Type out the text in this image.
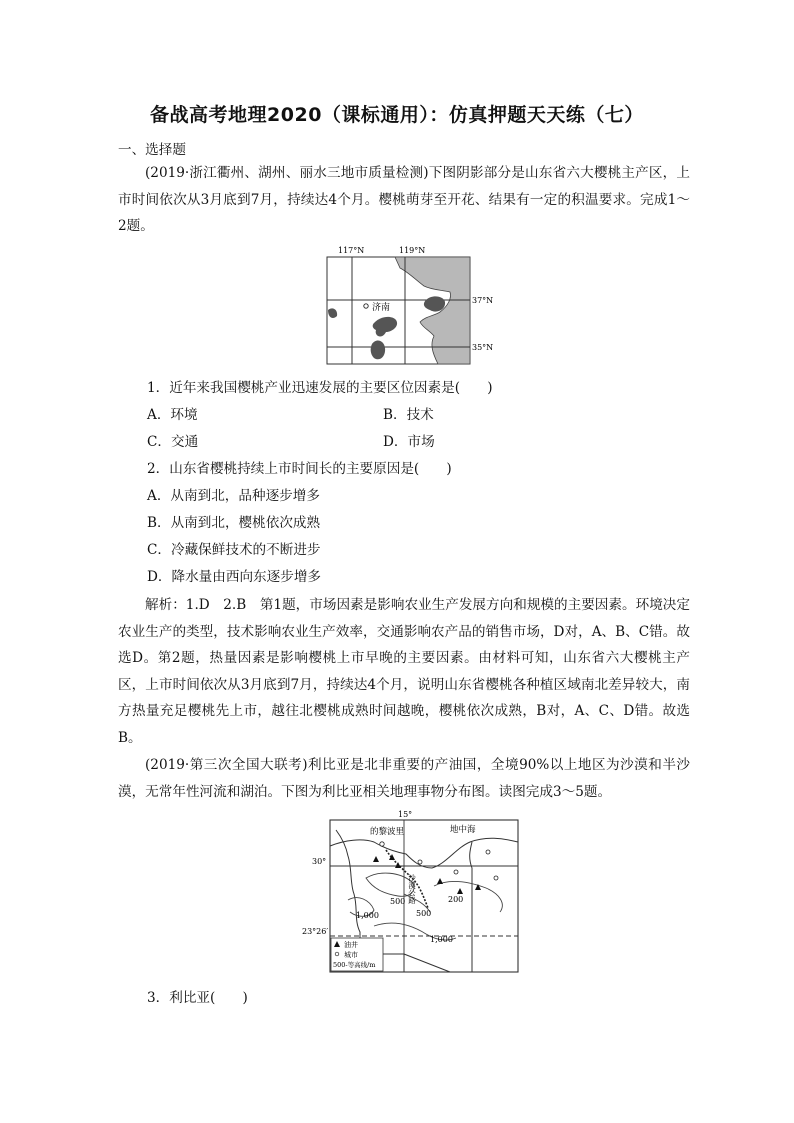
备战高考地理2020（课标通用）：仿真押题天天练（七）
一、选择题
(2019·浙江衢州、湖州、丽水三地市质量检测)下图阴影部分是山东省六大樱桃主产区，上市时间依次从3月底到7月，持续达4个月。樱桃萌芽至开花、结果有一定的积温要求。完成1～2题。
济南
117°N	119°N
37°N
35°N
1．近年来我国樱桃产业迅速发展的主要区位因素是(　　)
A．环境	B．技术
C．交通	D．市场
2．山东省樱桃持续上市时间长的主要原因是(　　)
A．从南到北，品种逐步增多
B．从南到北，樱桃依次成熟
C．冷藏保鲜技术的不断进步
D．降水量由西向东逐步增多
解析：1.D　2.B　第1题，市场因素是影响农业生产发展方向和规模的主要因素。环境决定农业生产的类型，技术影响农业生产效率，交通影响农产品的销售市场，D对，A、B、C错。故选D。第2题，热量因素是影响樱桃上市早晚的主要因素。由材料可知，山东省六大樱桃主产区，上市时间依次从3月底到7月，持续达4个月，说明山东省樱桃各种植区域南北差异较大，南方热量充足樱桃先上市，越往北樱桃成熟时间越晚，樱桃依次成熟，B对，A、C、D错。故选B。
(2019·第三次全国大联考)利比亚是北非重要的产油国，全境90%以上地区为沙漠和半沙漠，无常年性河流和湖泊。下图为利比亚相关地理事物分布图。读图完成3～5题。
15°
的黎波里	地中海
30°
23°26′
沙漠公路
500
500
200
1,000
1,000
油井
城市
500-等高线/m
3．利比亚(　　)
